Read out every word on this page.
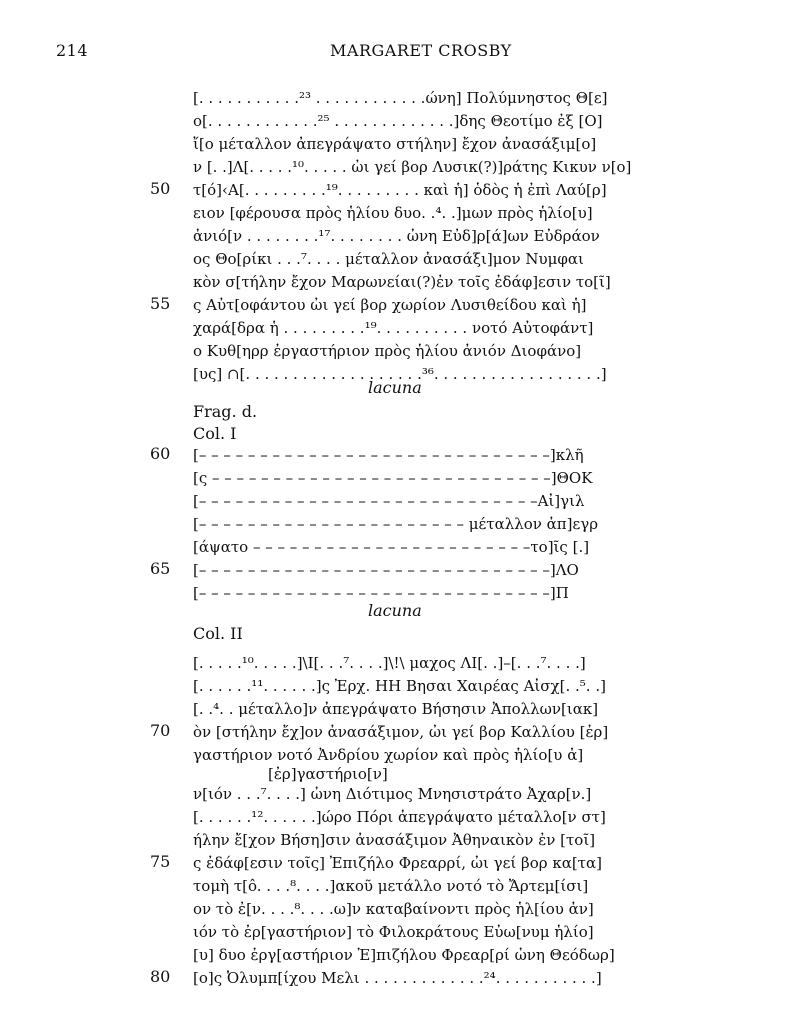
214	MARGARET CROSBY
[. . . . . . . . . . .²³ . . . . . . . . . . . .ώνη] Πολύμνηστος Θ[ε]
ο[. . . . . . . . . . . .²⁵ . . . . . . . . . . . . .]δης Θεοτίμο ἐξ [Ο]
ἴ[ο μέταλλον ἀπεγράψατο στήλην] ἔχον ἀνασάξιμ[ο]
ν [. .]Λ[. . . . .¹⁰. . . . . ὠι γεί βορ Λυσικ(?)]ράτης Κικυν ν[ο]
50 τ[ό]‹Α[. . . . . . . . .¹⁹. . . . . . . . . καὶ ἡ] ὁδὸς ἡ ἐπὶ Λαύ[ρ]
ειον [φέρουσα πρὸς ἡλίου δυο. .⁴. .]μων πρὸς ἡλίο[υ]
ἀνιό[ν . . . . . . . .¹⁷. . . . . . . . ὠνη Εὐδ]ρ[ά]ων Εὐδράον
ος Θο[ρίκι . . .⁷. . . . μέταλλον ἀνασάξι]μον Νυμφαι
κὸν σ[τήλην ἔχον Μαρωνείαι(?)ἐν τοῖς ἐδάφ]εσιν το[ῖ]
55 ς Αὐτ[οφάντου ὠι γεί βορ χωρίον Λυσιθείδου καὶ ἡ]
χαρά[δρα ἡ . . . . . . . . .¹⁹. . . . . . . . . . νοτό Αὐτοφάντ]
ο Κυθ[ηρρ ἐργαστήριον πρὸς ἡλίου ἀνιόν Διοφάνο]
[υς] ∩[. . . . . . . . . . . . . . . . . . .³⁶. . . . . . . . . . . . . . . . . .]
lacuna
Frag. d.
Col. I
60 [– – – – – – – – – – – – – – – – – – – – – – – – – – – – –]κλῆ
[ς – – – – – – – – – – – – – – – – – – – – – – – – – – – –]ΘΟΚ
[– – – – – – – – – – – – – – – – – – – – – – – – – – – –Αἰ]γιλ
[– – – – – – – – – – – – – – – – – – – – – – μέταλλον ἀπ]εγρ
[άψατο – – – – – – – – – – – – – – – – – – – – – – –το]ῖς [.]
65 [– – – – – – – – – – – – – – – – – – – – – – – – – – – – –]ΛΟ
[– – – – – – – – – – – – – – – – – – – – – – – – – – – – –]Π
lacuna
Col. II
[. . . . .¹⁰. . . . .]\Ι[. . .⁷. . . .]\!\ μαχος ΛΙ[. .]–[. . .⁷. . . .]
[. . . . . .¹¹. . . . . .]ς Ἐρχ. ΗΗ Βησαι Χαιρέας Αἰσχ[. .⁵. .]
[. .⁴. . μέταλλο]ν ἀπεγράψατο Βήσησιν Ἀπολλων[ιακ]
70 ὸν [στήλην ἔχ]ον ἀνασάξιμον, ὠι γεί βορ Καλλίου [ἐρ]
γαστήριον νοτό Ἀνδρίου χωρίον καὶ πρὸς ἡλίο[υ ἀ]
[ἐρ]γαστήριο[ν]
ν[ιόν . . .⁷. . . .] ὠνη Διότιμος Μνησιστράτο Ἀχαρ[ν.]
[. . . . . .¹². . . . . .]ώρο Πόρι ἀπεγράψατο μέταλλο[ν στ]
ήλην ἔ[χον Βήση]σιν ἀνασάξιμον Ἀθηναικὸν ἐν [τοῖ]
75 ς ἐδάφ[εσιν τοῖς] Ἐπιζήλο Φρεαρρί, ὠι γεί βορ κα[τα]
τομὴ τ[ô. . . .⁸. . . .]ακοῦ μετάλλο νοτό τὸ Ἄρτεμ[ίσι]
ον τὸ ἐ[ν. . . .⁸. . . .ω]ν καταβαίνοντι πρὸς ἡλ[ίου ἀν]
ιόν τὸ ἐρ[γαστήριον] τὸ Φιλοκράτους Εὐω[νυμ ἡλίο]
[υ] δυο ἐργ[αστήριον Ἐ]πιζήλου Φρεαρ[ρί ὠνη Θεόδωρ]
80 [ο]ς Ὀλυμπ[ίχου Μελι . . . . . . . . . . . . .²⁴. . . . . . . . . . .]
